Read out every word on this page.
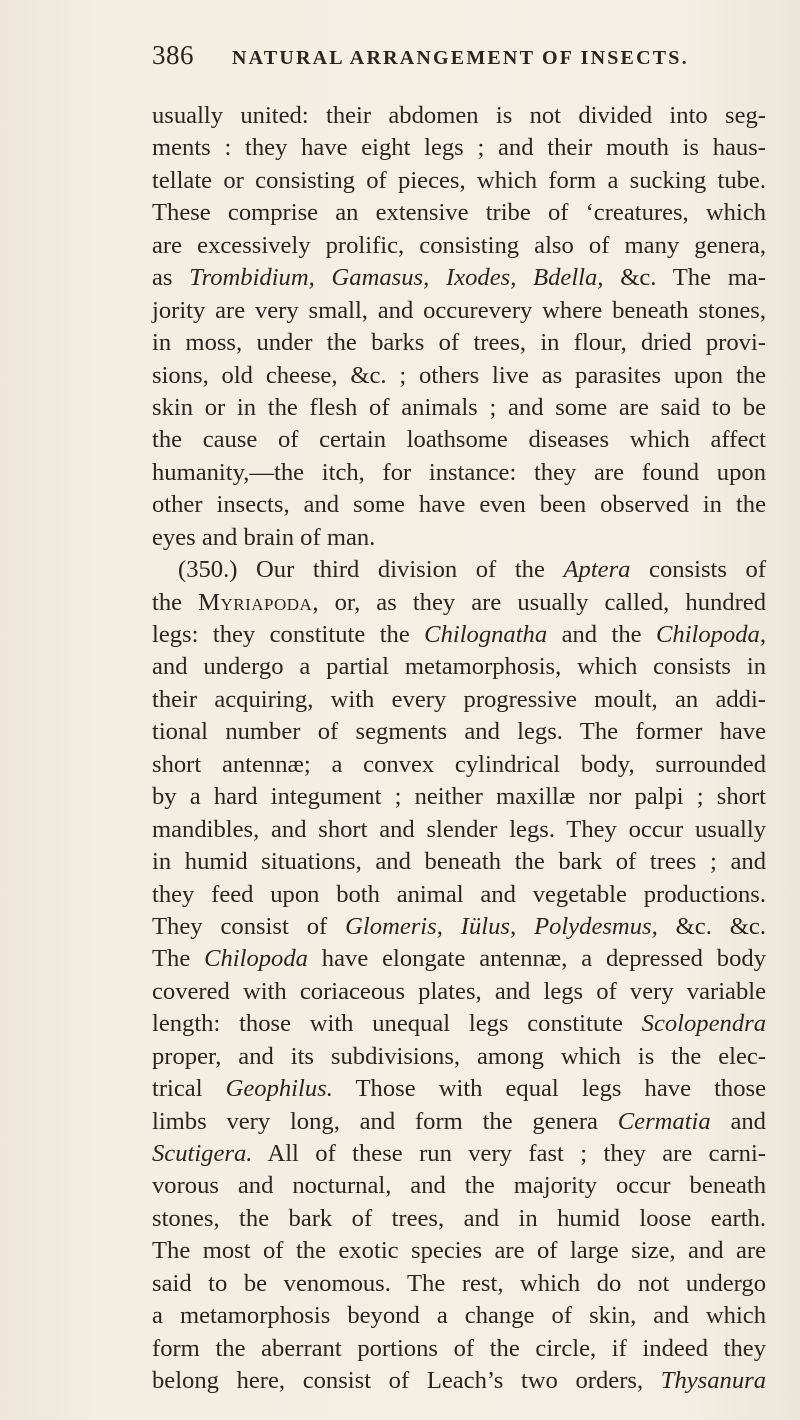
386	NATURAL ARRANGEMENT OF INSECTS.
usually united: their abdomen is not divided into seg-
ments : they have eight legs ; and their mouth is haus-
tellate or consisting of pieces, which form a sucking tube.
These comprise an extensive tribe of ‘creatures, which
are excessively prolific, consisting also of many genera,
as Trombidium, Gamasus, Ixodes, Bdella, &c. The ma-
jority are very small, and occurevery where beneath stones,
in moss, under the barks of trees, in flour, dried provi-
sions, old cheese, &c. ; others live as parasites upon the
skin or in the flesh of animals ; and some are said to be
the cause of certain loathsome diseases which affect
humanity,—the itch, for instance: they are found upon
other insects, and some have even been observed in the
eyes and brain of man.
(350.) Our third division of the Aptera consists of
the Myriapoda, or, as they are usually called, hundred
legs: they constitute the Chilognatha and the Chilopoda,
and undergo a partial metamorphosis, which consists in
their acquiring, with every progressive moult, an addi-
tional number of segments and legs. The former have
short antennæ; a convex cylindrical body, surrounded
by a hard integument ; neither maxillæ nor palpi ; short
mandibles, and short and slender legs. They occur usually
in humid situations, and beneath the bark of trees ; and
they feed upon both animal and vegetable productions.
They consist of Glomeris, Iülus, Polydesmus, &c. &c.
The Chilopoda have elongate antennæ, a depressed body
covered with coriaceous plates, and legs of very variable
length: those with unequal legs constitute Scolopendra
proper, and its subdivisions, among which is the elec-
trical Geophilus. Those with equal legs have those
limbs very long, and form the genera Cermatia and
Scutigera. All of these run very fast ; they are carni-
vorous and nocturnal, and the majority occur beneath
stones, the bark of trees, and in humid loose earth.
The most of the exotic species are of large size, and are
said to be venomous. The rest, which do not undergo
a metamorphosis beyond a change of skin, and which
form the aberrant portions of the circle, if indeed they
belong here, consist of Leach’s two orders, Thysanura
